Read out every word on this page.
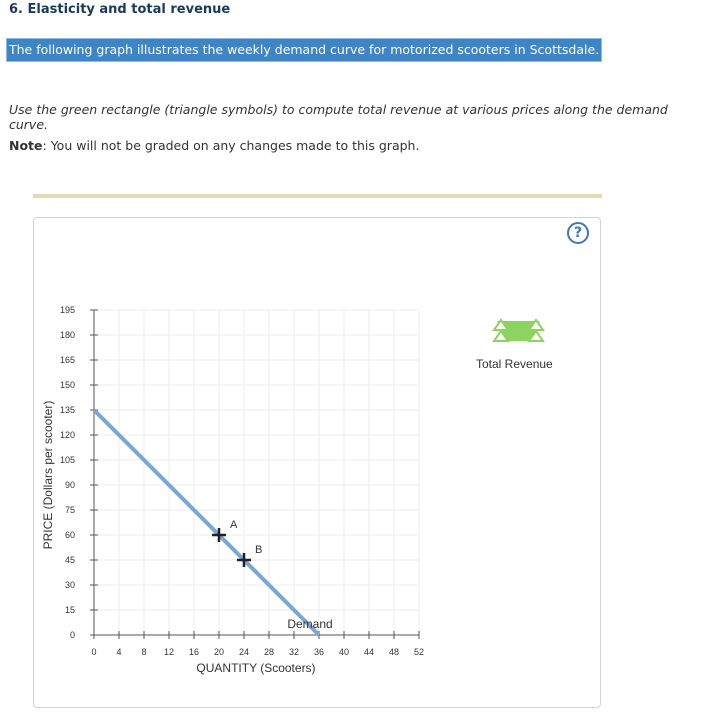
6. Elasticity and total revenue
The following graph illustrates the weekly demand curve for motorized scooters in Scottsdale.
Use the green rectangle (triangle symbols) to compute total revenue at various prices along the demand curve.
Note: You will not be graded on any changes made to this graph.
?
0 4 8 12 16 20 24 28 32 36 40 44 48 52
0
15
30
45
60
75
90
105
120
135
150
165
180
195
Demand
A
B
PRICE (Dollars per scooter)
QUANTITY (Scooters)
Total Revenue
